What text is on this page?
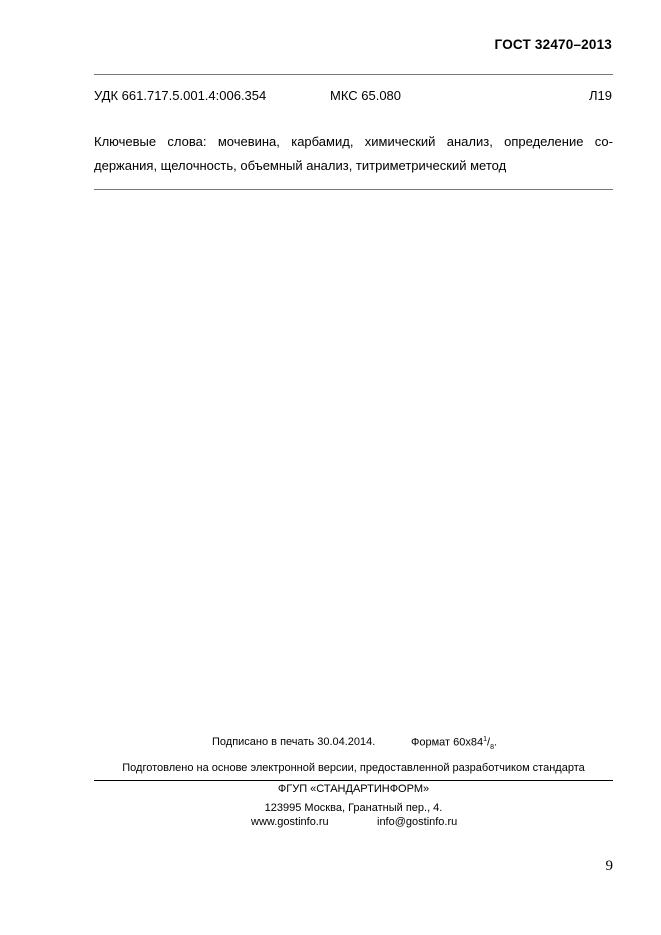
ГОСТ 32470–2013
УДК 661.717.5.001.4:006.354	МКС 65.080	Л19
Ключевые слова: мочевина, карбамид, химический анализ, определение со-
держания, щелочность, объемный анализ, титриметрический метод
Подписано в печать 30.04.2014.	Формат $60x84^1/_8$.
Подготовлено на основе электронной версии, предоставленной разработчиком стандарта
ФГУП «СТАНДАРТИНФОРМ»
123995 Москва, Гранатный пер., 4.
www.gostinfo.ru	info@gostinfo.ru
9
